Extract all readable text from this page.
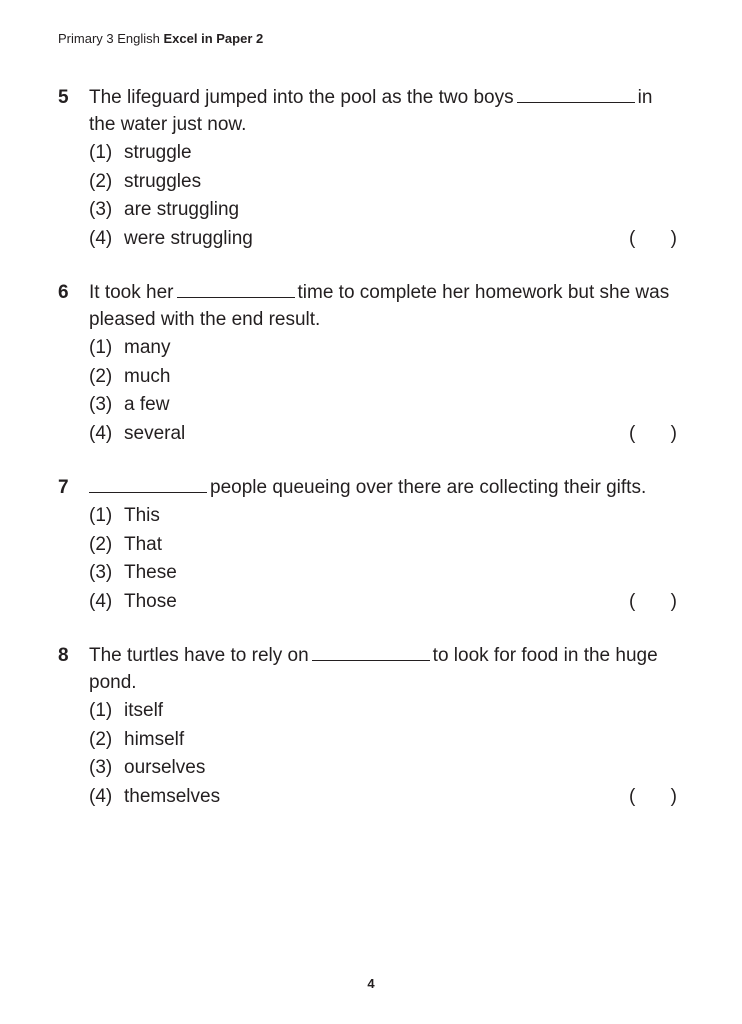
Primary 3 English Excel in Paper 2
5	The lifeguard jumped into the pool as the two boys	in the water just now.

(1) struggle
(2) struggles
(3) are struggling
(4) were struggling	( )
6	It took her	time to complete her homework but she was pleased with the end result.

(1) many
(2) much
(3) a few
(4) several	( )
7	people queueing over there are collecting their gifts.

(1) This
(2) That
(3) These
(4) Those	( )
8	The turtles have to rely on	to look for food in the huge pond.

(1) itself
(2) himself
(3) ourselves
(4) themselves	( )
4
